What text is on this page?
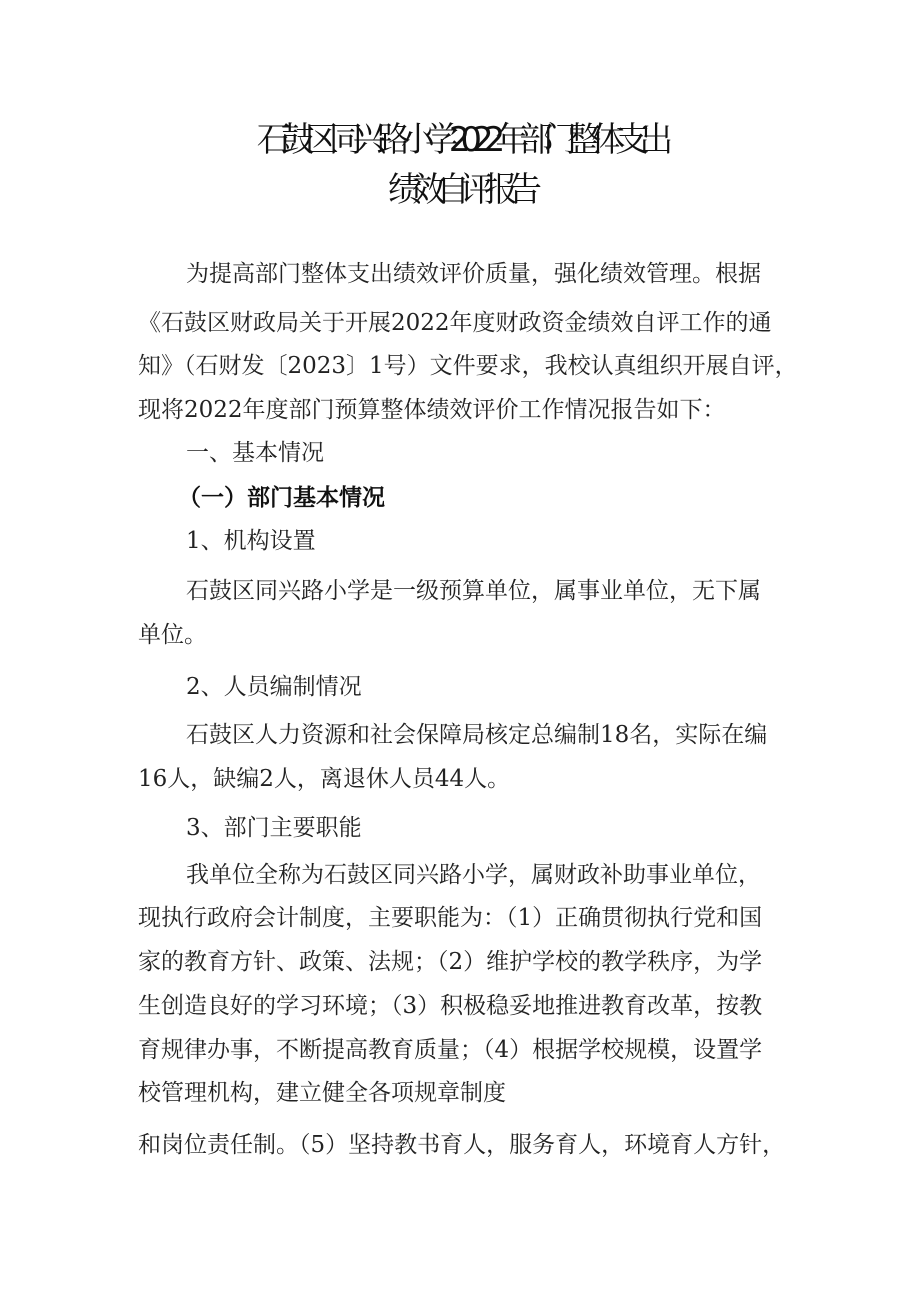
石鼓区同兴路小学2022年部门整体支出
绩效自评报告
为提高部门整体支出绩效评价质量，强化绩效管理。根据
《石鼓区财政局关于开展2022年度财政资金绩效自评工作的通
知》（石财发〔2023〕1号）文件要求，我校认真组织开展自评，
现将2022年度部门预算整体绩效评价工作情况报告如下：
一、基本情况
（一）部门基本情况
1、机构设置
石鼓区同兴路小学是一级预算单位，属事业单位，无下属
单位。
2、人员编制情况
石鼓区人力资源和社会保障局核定总编制18名，实际在编
16人，缺编2人，离退休人员44人。
3、部门主要职能
我单位全称为石鼓区同兴路小学，属财政补助事业单位，
现执行政府会计制度，主要职能为：（1）正确贯彻执行党和国
家的教育方针、政策、法规；（2）维护学校的教学秩序，为学
生创造良好的学习环境；（3）积极稳妥地推进教育改革，按教
育规律办事，不断提高教育质量；（4）根据学校规模，设置学
校管理机构，建立健全各项规章制度
和岗位责任制。（5）坚持教书育人，服务育人，环境育人方针，
